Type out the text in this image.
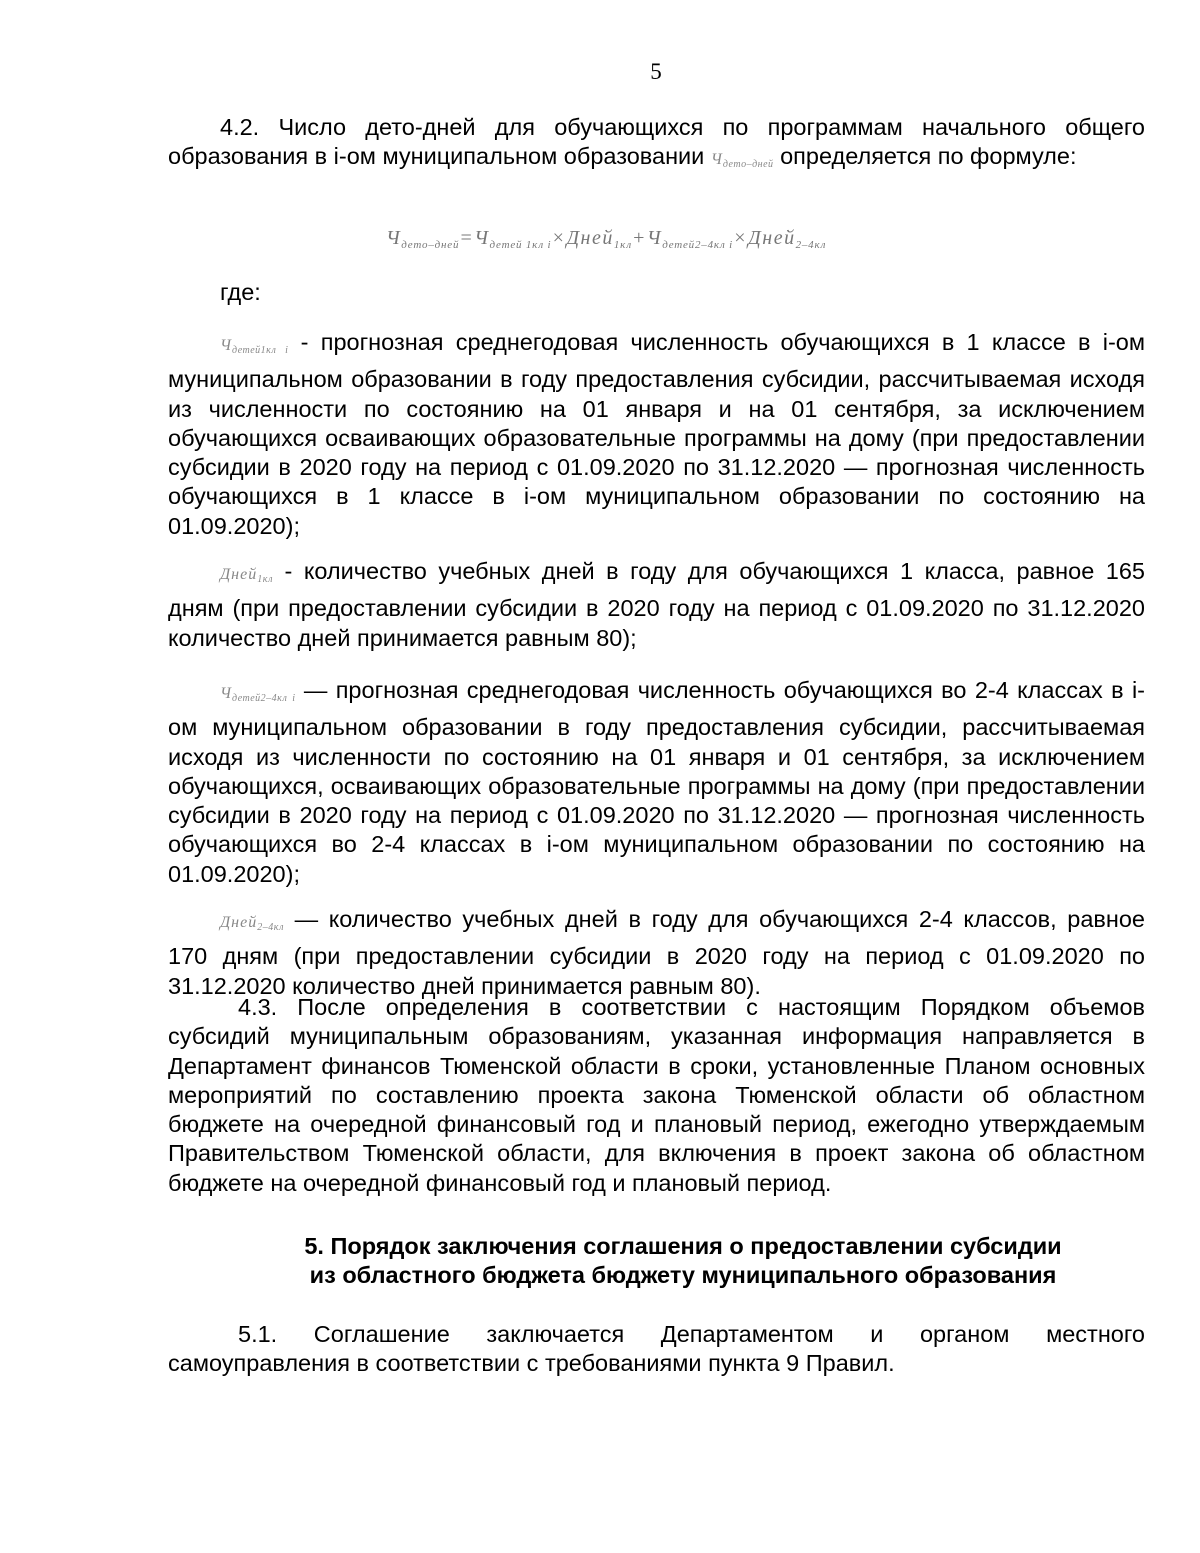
5

4.2. Число дето-дней для обучающихся по программам начального общего образования в i-ом муниципальном образовании $Ч_{дето-дней}$ определяется по формуле:

$Ч_{дето-дней}=Ч_{детей 1кл i}\times Дней_{1кл}+Ч_{детей2-4кл i}\times Дней_{2-4кл}$

где:

$Ч_{детей1кл i}$ - прогнозная среднегодовая численность обучающихся в 1 классе в i-ом муниципальном образовании в году предоставления субсидии, рассчитываемая исходя из численности по состоянию на 01 января и на 01 сентября, за исключением обучающихся осваивающих образовательные программы на дому (при предоставлении субсидии в 2020 году на период с 01.09.2020 по 31.12.2020 — прогнозная численность обучающихся в 1 классе в i-ом муниципальном образовании по состоянию на 01.09.2020);

Дней$_{1кл}$ - количество учебных дней в году для обучающихся 1 класса, равное 165 дням (при предоставлении субсидии в 2020 году на период с 01.09.2020 по 31.12.2020 количество дней принимается равным 80);

$Ч_{детей2-4кл i}$ — прогнозная среднегодовая численность обучающихся во 2-4 классах в i-ом муниципальном образовании в году предоставления субсидии, рассчитываемая исходя из численности по состоянию на 01 января и 01 сентября, за исключением обучающихся, осваивающих образовательные программы на дому (при предоставлении субсидии в 2020 году на период с 01.09.2020 по 31.12.2020 — прогнозная численность обучающихся во 2-4 классах в i-ом муниципальном образовании по состоянию на 01.09.2020);

Дней$_{2-4кл}$ — количество учебных дней в году для обучающихся 2-4 классов, равное 170 дням (при предоставлении субсидии в 2020 году на период с 01.09.2020 по 31.12.2020 количество дней принимается равным 80).

4.3. После определения в соответствии с настоящим Порядком объемов субсидий муниципальным образованиям, указанная информация направляется в Департамент финансов Тюменской области в сроки, установленные Планом основных мероприятий по составлению проекта закона Тюменской области об областном бюджете на очередной финансовый год и плановый период, ежегодно утверждаемым Правительством Тюменской области, для включения в проект закона об областном бюджете на очередной финансовый год и плановый период.

5. Порядок заключения соглашения о предоставлении субсидии

из областного бюджета бюджету муниципального образования

5.1. Соглашение заключается Департаментом и органом местного самоуправления в соответствии с требованиями пункта 9 Правил.
